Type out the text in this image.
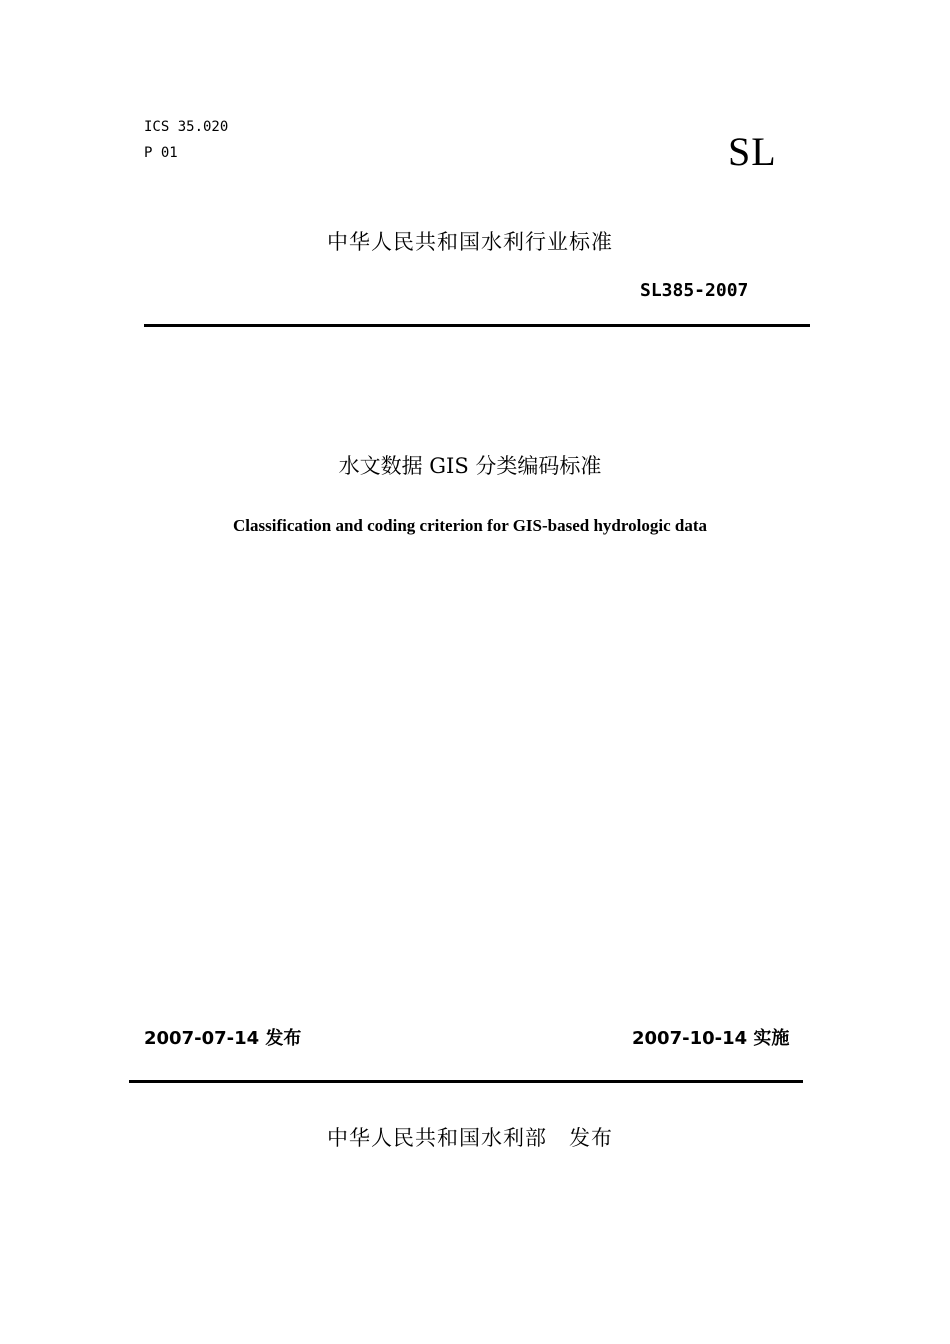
ICS 35.020
P 01	SL
中华人民共和国水利行业标准
SL385-2007
水文数据 GIS 分类编码标准
Classification and coding criterion for GIS-based hydrologic data
2007-07-14 发布	2007-10-14 实施
中华人民共和国水利部　发布
